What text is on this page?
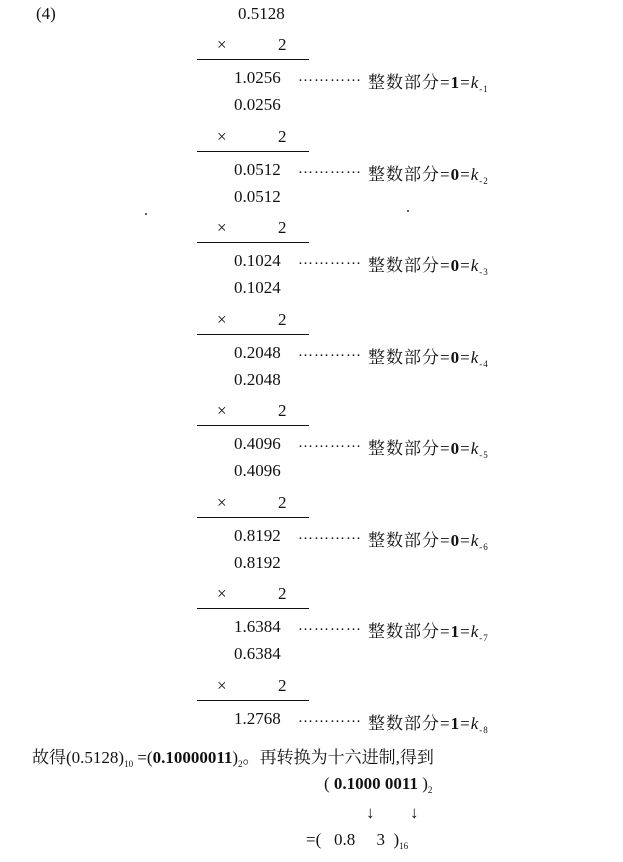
(4)	0.5128
×	2
1.0256 ………… 整数部分$=1=k_{-1}$
0.0256
×	2
0.0512 ………… 整数部分$=0=k_{-2}$
0.0512
×	2
0.1024 ………… 整数部分$=0=k_{-3}$
0.1024
×	2
0.2048 ………… 整数部分$=0=k_{-4}$
0.2048
×	2
0.4096 ………… 整数部分$=0=k_{-5}$
0.4096
×	2
0.8192 ………… 整数部分$=0=k_{-6}$
0.8192
×	2
1.6384 ………… 整数部分$=1=k_{-7}$
0.6384
×	2
1.2768 ………… 整数部分$=1=k_{-8}$
故得$(0.5128)_{10} =(0.10000011)_2$。再转换为十六进制,得到
( 0.1000 0011 )$_2$
↓ ↓
=( 0.8 3 )$_{16}$
